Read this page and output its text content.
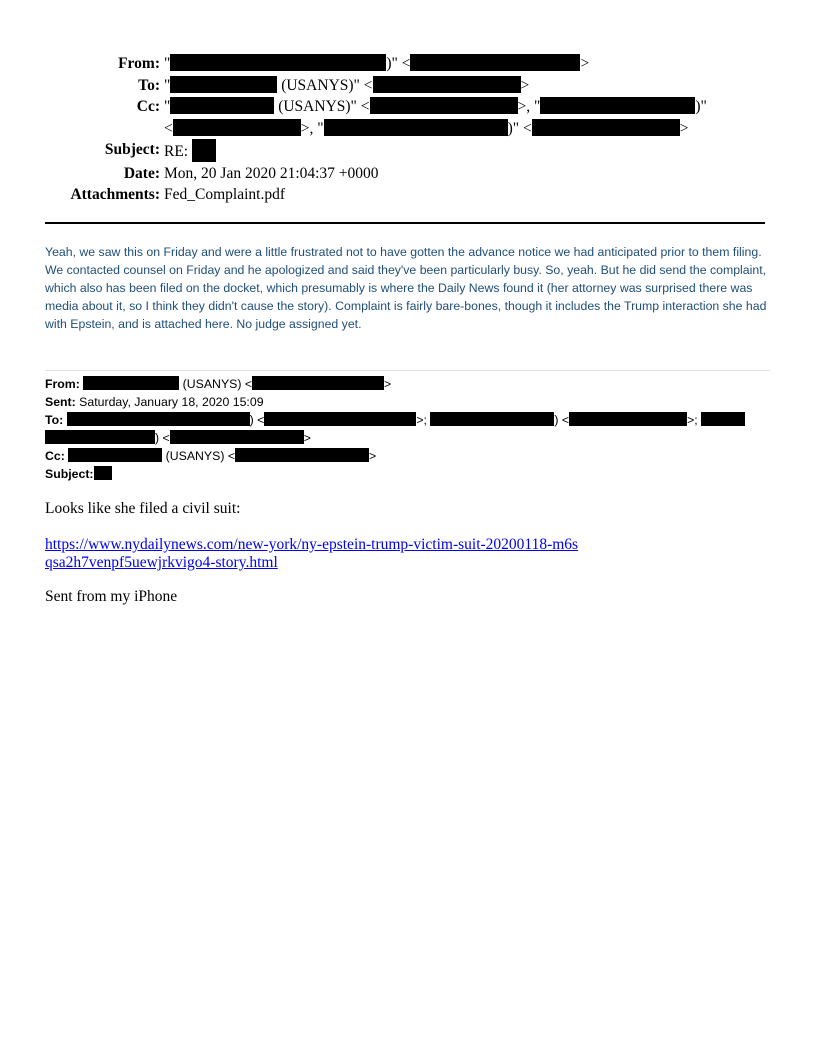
From: "	)" <	>
To: "	(USANYS)" <	>
Cc: "	(USANYS)" <	>, "	)"
<	>, "	)" <	>
Subject: RE:
Date: Mon, 20 Jan 2020 21:04:37 +0000
Attachments: Fed_Complaint.pdf
Yeah, we saw this on Friday and were a little frustrated not to have gotten the advance notice we had anticipated prior to them filing. We contacted counsel on Friday and he apologized and said they've been particularly busy. So, yeah. But he did send the complaint, which also has been filed on the docket, which presumably is where the Daily News found it (her attorney was surprised there was media about it, so I think they didn't cause the story). Complaint is fairly bare-bones, though it includes the Trump interaction she had with Epstein, and is attached here. No judge assigned yet.
From:	(USANYS) <	>
Sent: Saturday, January 18, 2020 15:09
To:	) <	>;	) <	>;
) <	>
Cc:	(USANYS) <	>
Subject:

Looks like she filed a civil suit:

https://www.nydailynews.com/new-york/ny-epstein-trump-victim-suit-20200118-m6sqsa2h7venpf5uewjrkvigo4-story.html

Sent from my iPhone
